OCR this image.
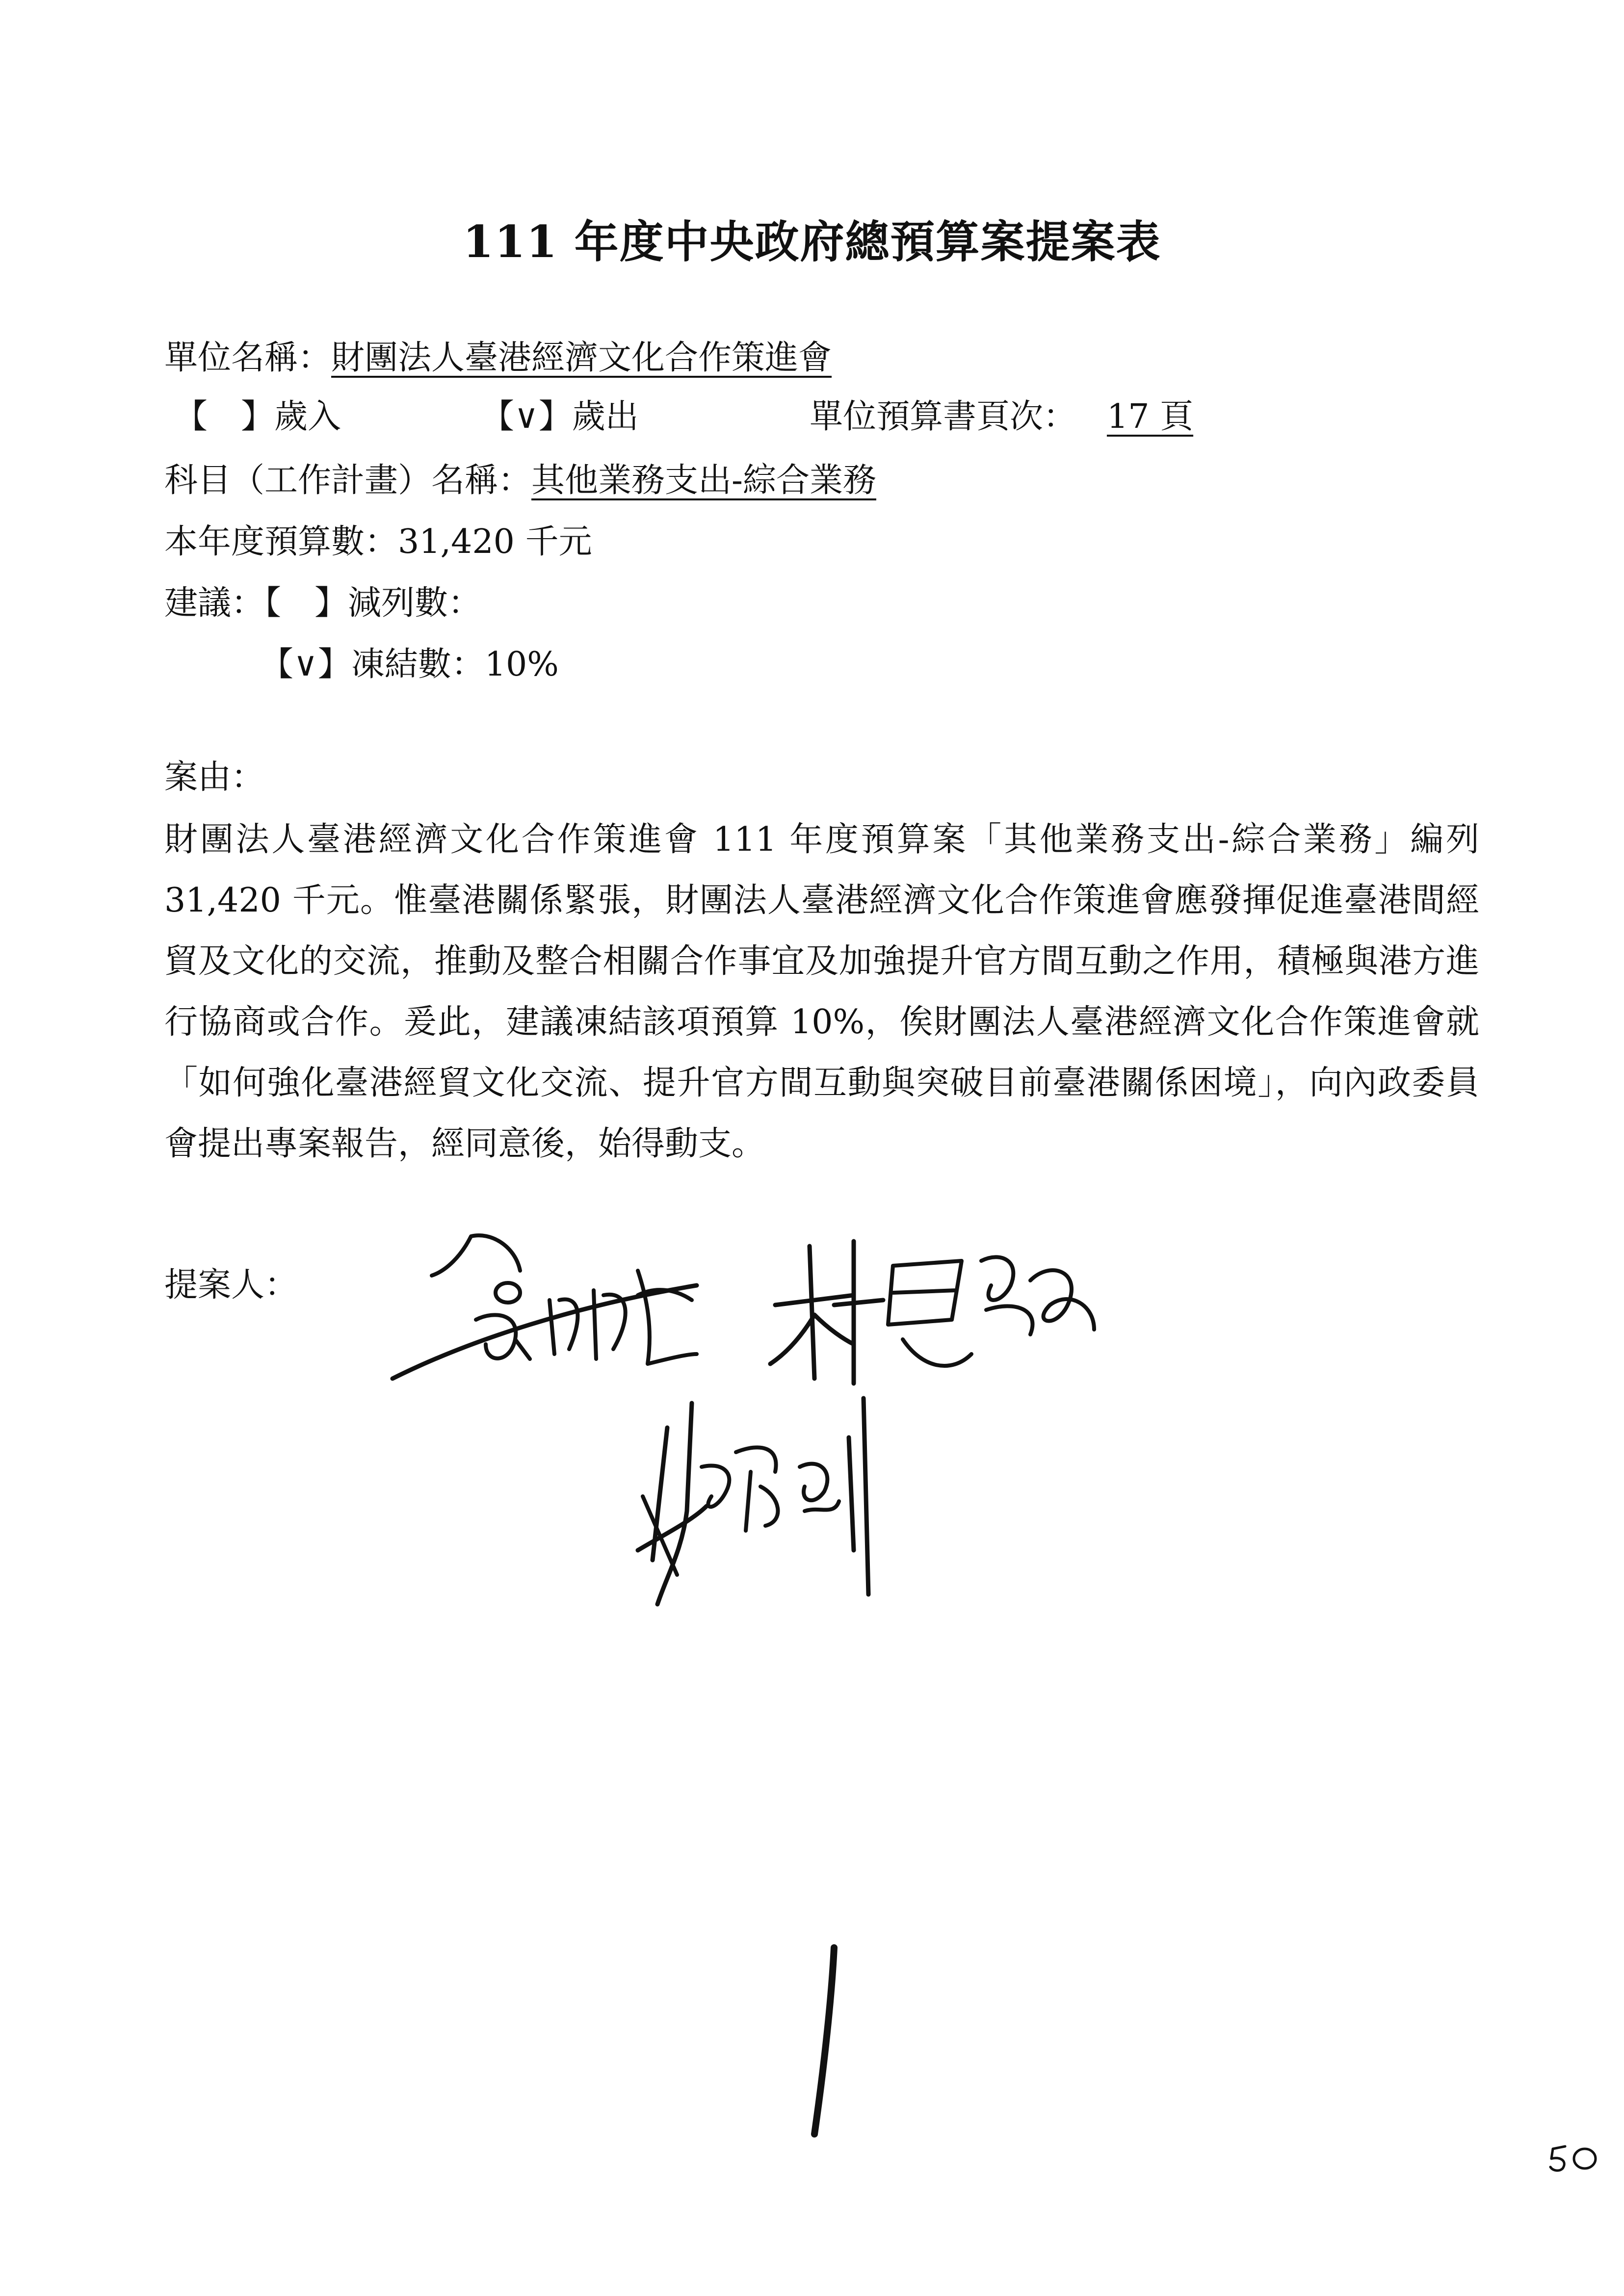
111 年度中央政府總預算案提案表
單位名稱：財團法人臺港經濟文化合作策進會
【　】歲入	【∨】歲出	單位預算書頁次： 17 頁
科目（工作計畫）名稱：其他業務支出-綜合業務
本年度預算數：31,420 千元
建議：【　】減列數：
【∨】凍結數：10%
案由：
財團法人臺港經濟文化合作策進會 111 年度預算案「其他業務支出-綜合業務」編列 31,420 千元。惟臺港關係緊張，財團法人臺港經濟文化合作策進會應發揮促進臺港間經貿及文化的交流，推動及整合相關合作事宜及加強提升官方間互動之作用，積極與港方進行協商或合作。爰此，建議凍結該項預算 10%，俟財團法人臺港經濟文化合作策進會就「如何強化臺港經貿文化交流、提升官方間互動與突破目前臺港關係困境」，向內政委員會提出專案報告，經同意後，始得動支。
提案人：
